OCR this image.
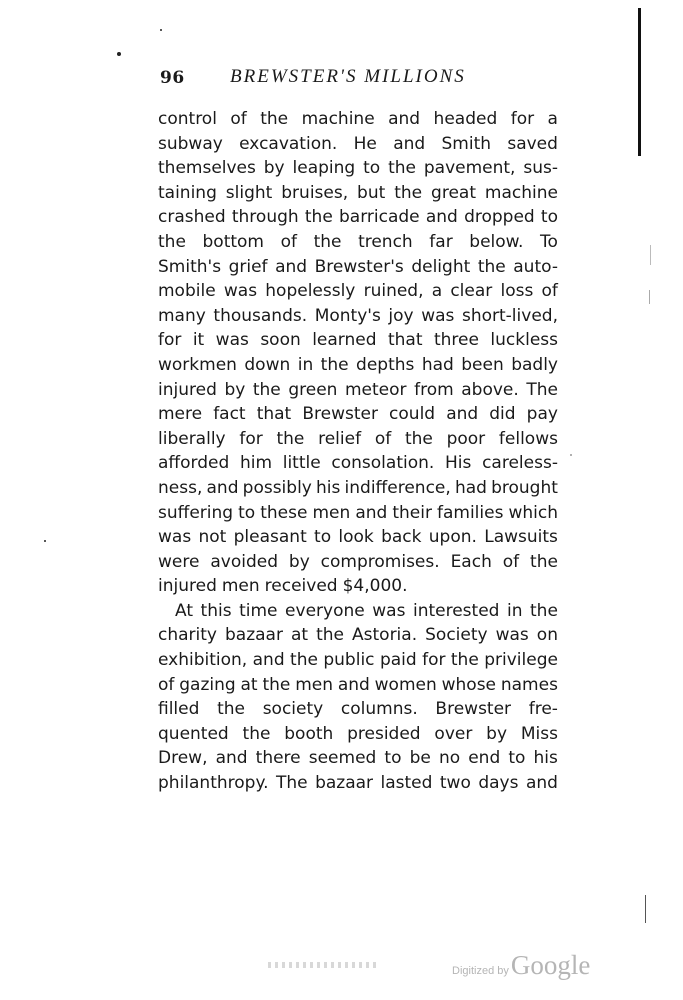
96 BREWSTER'S MILLIONS
control of the machine and headed for a
subway excavation. He and Smith saved
themselves by leaping to the pavement, sus-
taining slight bruises, but the great machine
crashed through the barricade and dropped to
the bottom of the trench far below. To
Smith's grief and Brewster's delight the auto-
mobile was hopelessly ruined, a clear loss of
many thousands. Monty's joy was short-lived,
for it was soon learned that three luckless
workmen down in the depths had been badly
injured by the green meteor from above. The
mere fact that Brewster could and did pay
liberally for the relief of the poor fellows
afforded him little consolation. His careless-
ness, and possibly his indifference, had brought
suffering to these men and their families which
was not pleasant to look back upon. Lawsuits
were avoided by compromises. Each of the
injured men received $4,000.
At this time everyone was interested in the
charity bazaar at the Astoria. Society was on
exhibition, and the public paid for the privilege
of gazing at the men and women whose names
filled the society columns. Brewster fre-
quented the booth presided over by Miss
Drew, and there seemed to be no end to his
philanthropy. The bazaar lasted two days and
Digitized byGoogle
